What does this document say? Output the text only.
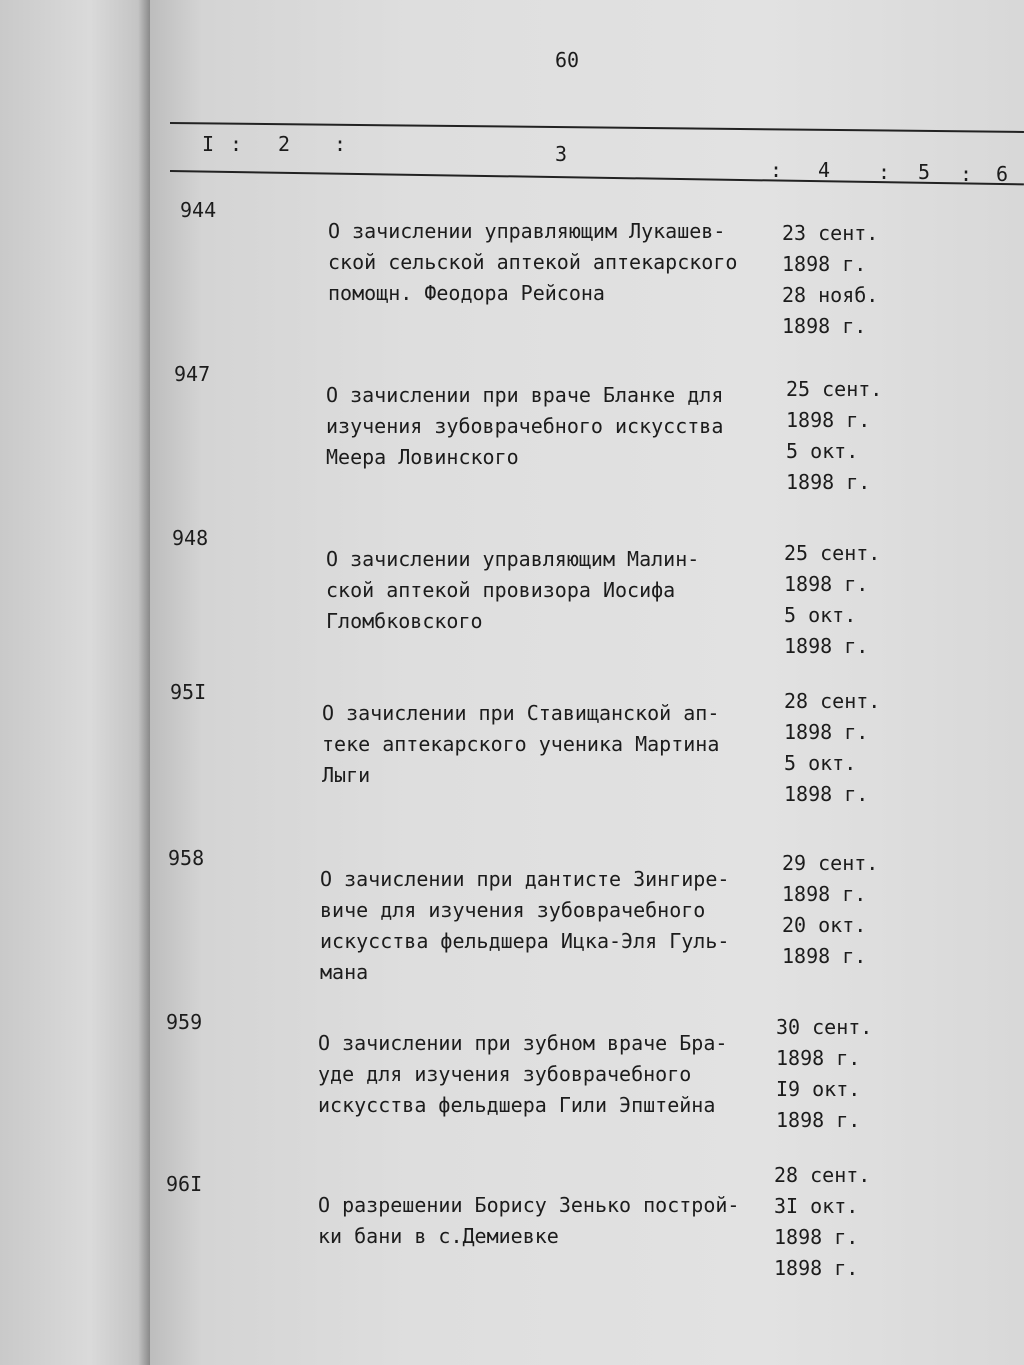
60
I : 2 :	3
: 4 : 5 : 6
944
О зачислении управляющим Лукашев-
ской сельской аптекой аптекарского
помощн. Феодора Рейсона
23 сент.
1898 г.
28 нояб.
1898 г.
947
О зачислении при враче Бланке для
изучения зубоврачебного искусства
Меера Ловинского
25 сент.
1898 г.
5 окт.
1898 г.
948
О зачислении управляющим Малин-
ской аптекой провизора Иосифа
Гломбковского
25 сент.
1898 г.
5 окт.
1898 г.
95I
О зачислении при Ставищанской ап-
теке аптекарского ученика Мартина
Лыги
28 сент.
1898 г.
5 окт.
1898 г.
958
О зачислении при дантисте Зингире-
виче для изучения зубоврачебного
искусства фельдшера Ицка-Эля Гуль-
мана
29 сент.
1898 г.
20 окт.
1898 г.
959
О зачислении при зубном враче Бра-
уде для изучения зубоврачебного
искусства фельдшера Гили Эпштейна
30 сент.
1898 г.
I9 окт.
1898 г.
96I
О разрешении Борису Зенько построй-
ки бани в с.Демиевке
28 сент.
3I окт.
1898 г.
1898 г.
